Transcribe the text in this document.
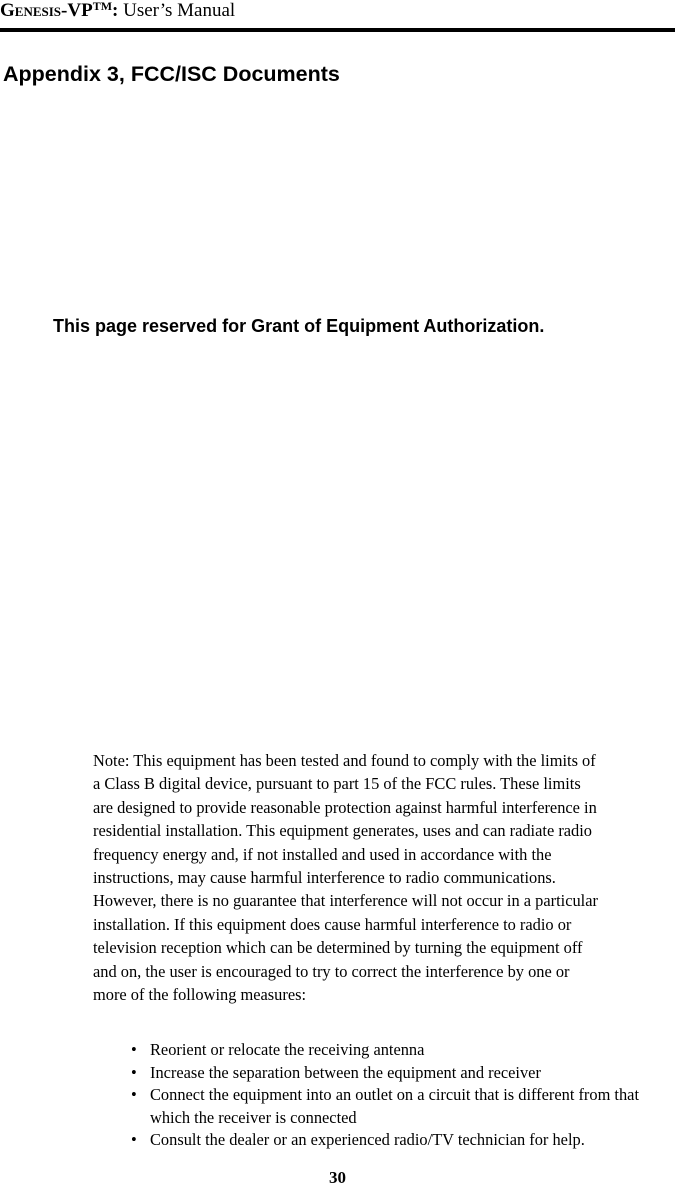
Genesis-VP™: User’s Manual
Appendix 3, FCC/ISC Documents
This page reserved for Grant of Equipment Authorization.

Note: This equipment has been tested and found to comply with the limits of
a Class B digital device, pursuant to part 15 of the FCC rules. These limits
are designed to provide reasonable protection against harmful interference in
residential installation. This equipment generates, uses and can radiate radio
frequency energy and, if not installed and used in accordance with the
instructions, may cause harmful interference to radio communications.
However, there is no guarantee that interference will not occur in a particular
installation. If this equipment does cause harmful interference to radio or
television reception which can be determined by turning the equipment off
and on, the user is encouraged to try to correct the interference by one or
more of the following measures:

• Reorient or relocate the receiving antenna
• Increase the separation between the equipment and receiver
• Connect the equipment into an outlet on a circuit that is different from that which the receiver is connected
• Consult the dealer or an experienced radio/TV technician for help.
30
